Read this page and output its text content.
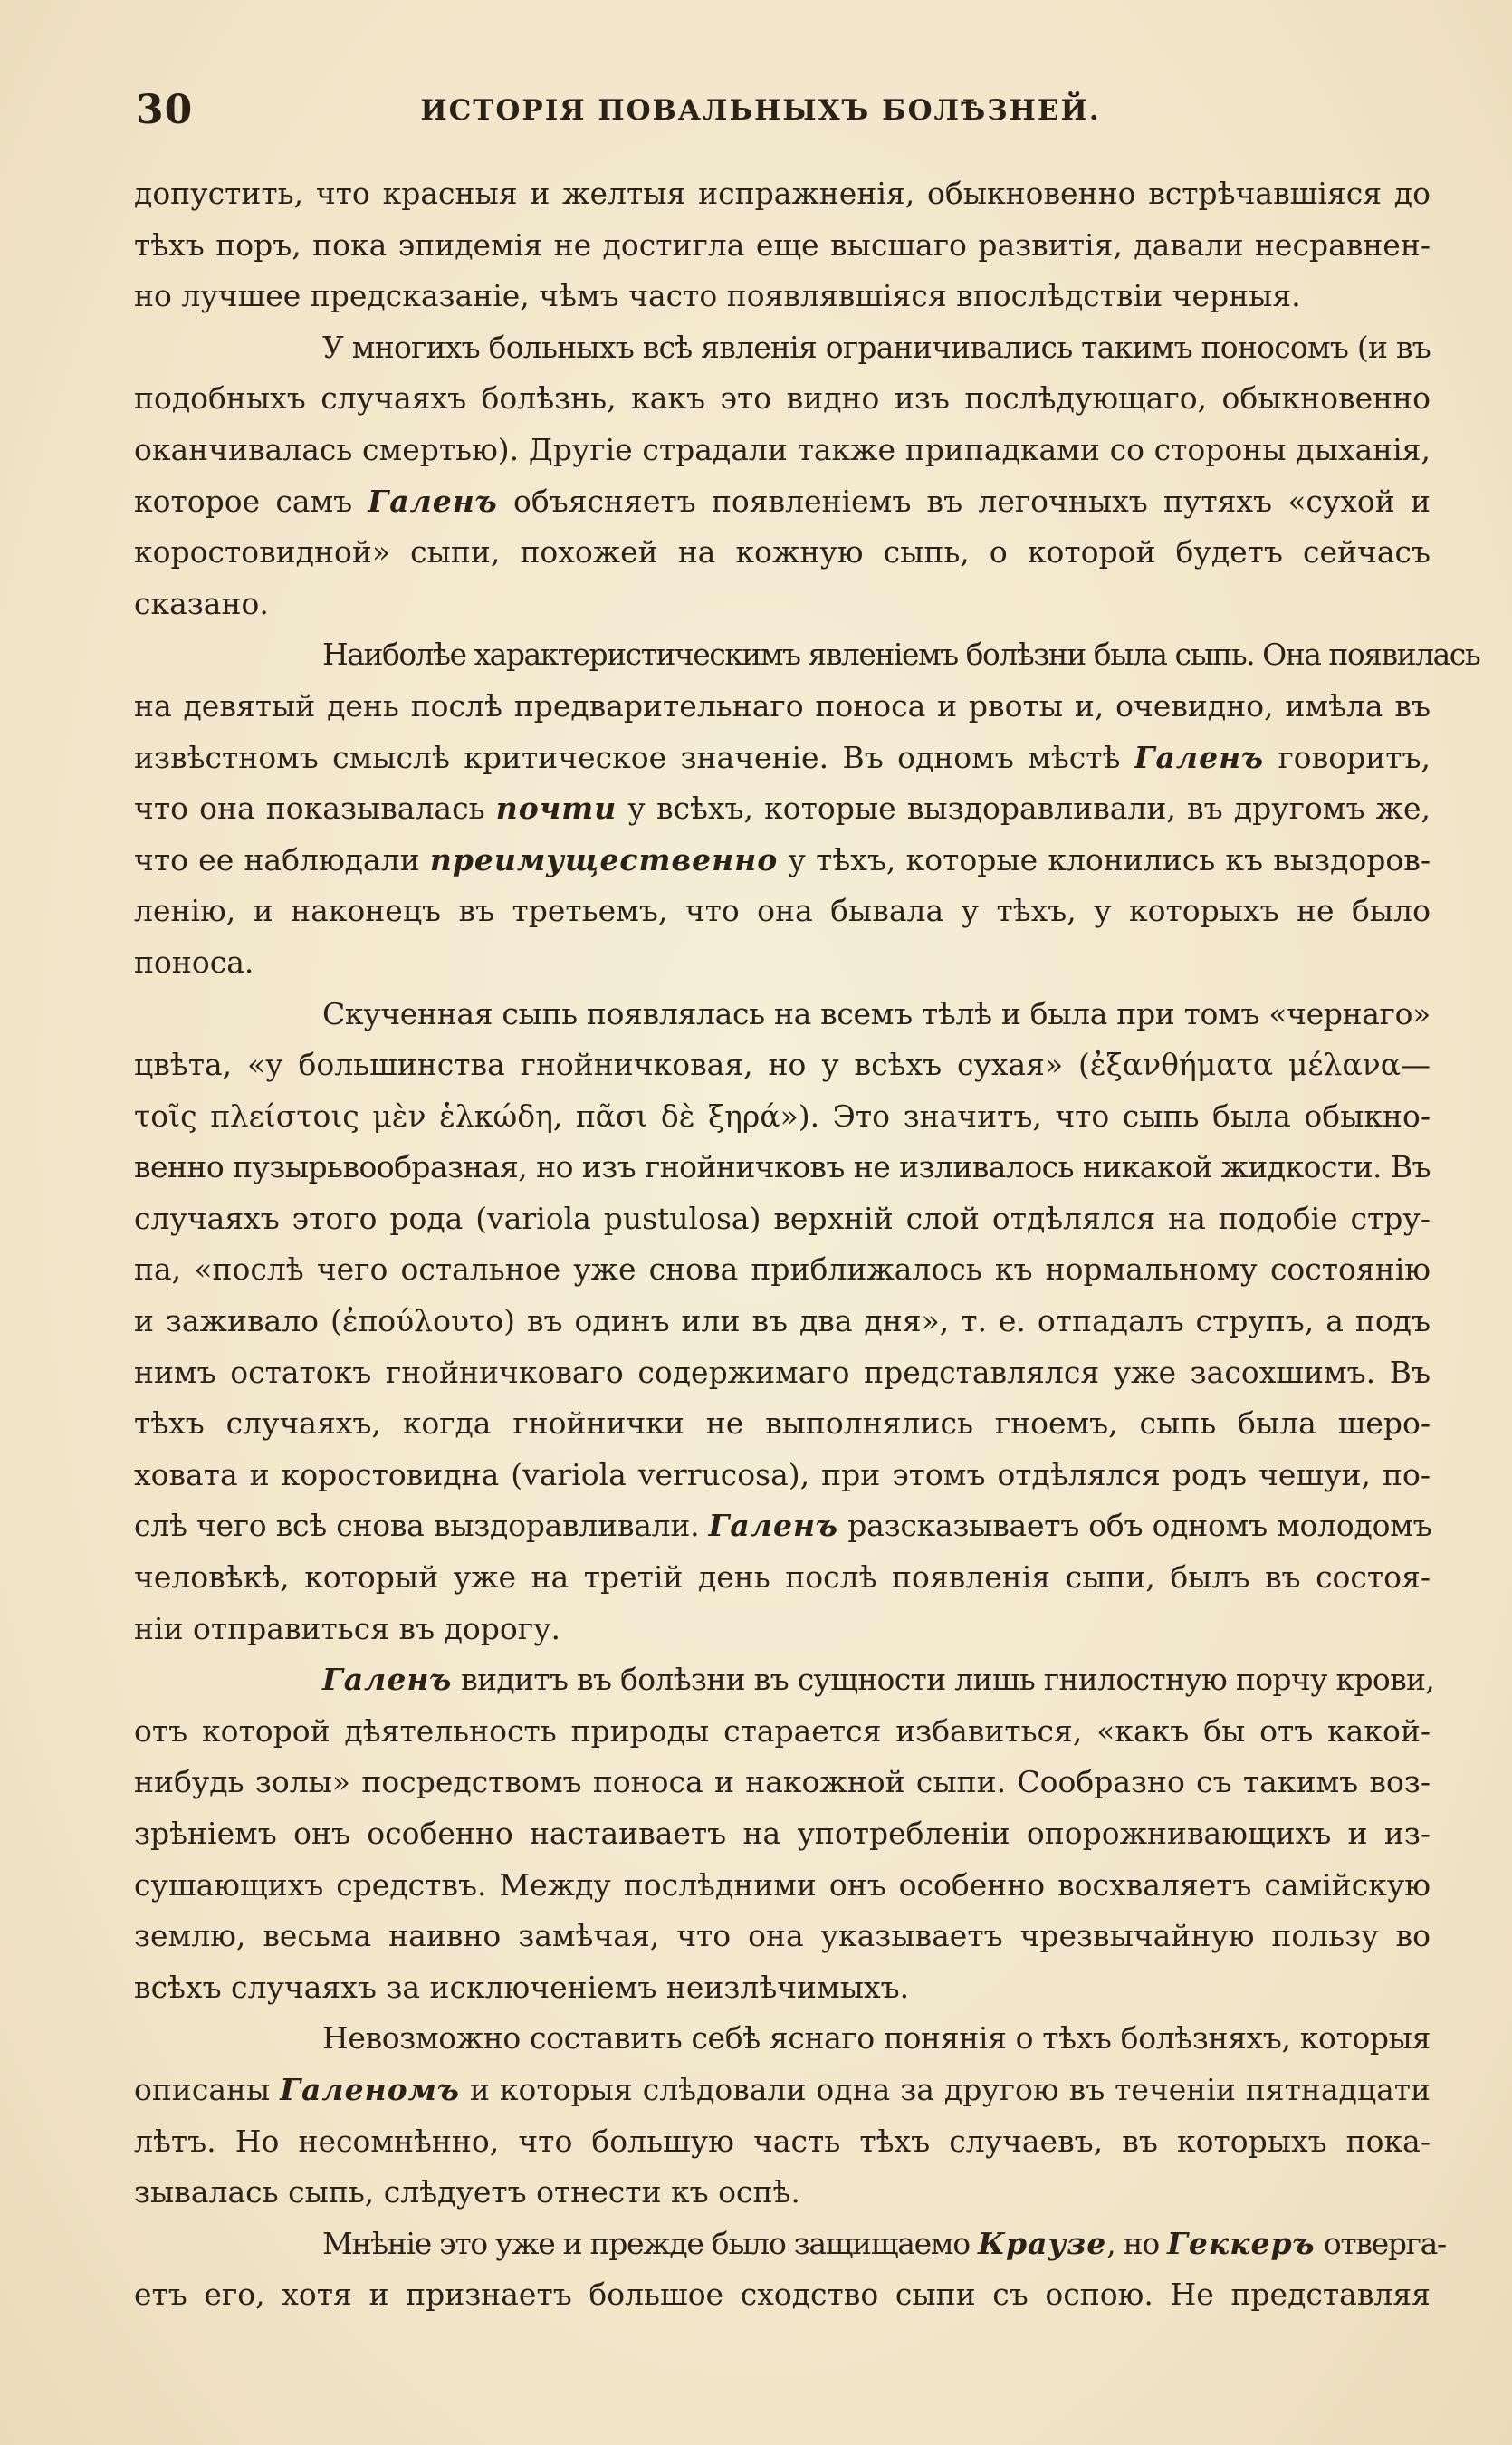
30	ИСТОРІЯ ПОВАЛЬНЫХЪ БОЛѢЗНЕЙ.
допустить, что красныя и желтыя испражненія, обыкновенно встрѣчавшіяся до
тѣхъ поръ, пока эпидемія не достигла еще высшаго развитія, давали несравнен-
но лучшее предсказаніе, чѣмъ часто появлявшіяся впослѣдствіи черныя.
У многихъ больныхъ всѣ явленія ограничивались такимъ поносомъ (и въ
подобныхъ случаяхъ болѣзнь, какъ это видно изъ послѣдующаго, обыкновенно
оканчивалась смертью). Другіе страдали также припадками со стороны дыханія,
которое самъ Галенъ объясняетъ появленіемъ въ легочныхъ путяхъ «сухой и
коростовидной» сыпи, похожей на кожную сыпь, о которой будетъ сейчасъ
сказано.
Наиболѣе характеристическимъ явленіемъ болѣзни была сыпь. Она появилась
на девятый день послѣ предварительнаго поноса и рвоты и, очевидно, имѣла въ
извѣстномъ смыслѣ критическое значеніе. Въ одномъ мѣстѣ Галенъ говоритъ,
что она показывалась почти у всѣхъ, которые выздоравливали, въ другомъ же,
что ее наблюдали преимущественно у тѣхъ, которые клонились къ выздоров-
ленію, и наконецъ въ третьемъ, что она бывала у тѣхъ, у которыхъ не было
поноса.
Скученная сыпь появлялась на всемъ тѣлѣ и была при томъ «чернаго»
цвѣта, «у большинства гнойничковая, но у всѣхъ сухая» (ἐξανθήματα μέλανα—
τοῖς πλείστοις μὲν ἑλκώδη, πᾶσι δὲ ξηρά»). Это значитъ, что сыпь была обыкно-
венно пузырьвообразная, но изъ гнойничковъ не изливалось никакой жидкости. Въ
случаяхъ этого рода (variola pustulosa) верхній слой отдѣлялся на подобіе стру-
па, «послѣ чего остальное уже снова приближалось къ нормальному состоянію
и заживало (ἐπούλουτο) въ одинъ или въ два дня», т. е. отпадалъ струпъ, а подъ
нимъ остатокъ гнойничковаго содержимаго представлялся уже засохшимъ. Въ
тѣхъ случаяхъ, когда гнойнички не выполнялись гноемъ, сыпь была шеро-
ховата и коростовидна (variola verrucosa), при этомъ отдѣлялся родъ чешуи, по-
слѣ чего всѣ снова выздоравливали. Галенъ разсказываетъ объ одномъ молодомъ
человѣкѣ, который уже на третій день послѣ появленія сыпи, былъ въ состоя-
ніи отправиться въ дорогу.
Галенъ видитъ въ болѣзни въ сущности лишь гнилостную порчу крови,
отъ которой дѣятельность природы старается избавиться, «какъ бы отъ какой-
нибудь золы» посредствомъ поноса и накожной сыпи. Сообразно съ такимъ воз-
зрѣніемъ онъ особенно настаиваетъ на употребленіи опорожнивающихъ и из-
сушающихъ средствъ. Между послѣдними онъ особенно восхваляетъ самійскую
землю, весьма наивно замѣчая, что она указываетъ чрезвычайную пользу во
всѣхъ случаяхъ за исключеніемъ неизлѣчимыхъ.
Невозможно составить себѣ яснаго понянія о тѣхъ болѣзняхъ, которыя
описаны Галеномъ и которыя слѣдовали одна за другою въ теченіи пятнадцати
лѣтъ. Но несомнѣнно, что большую часть тѣхъ случаевъ, въ которыхъ пока-
зывалась сыпь, слѣдуетъ отнести къ оспѣ.
Мнѣніе это уже и прежде было защищаемо Краузе, но Геккеръ отверга-
етъ его, хотя и признаетъ большое сходство сыпи съ оспою. Не представляя
